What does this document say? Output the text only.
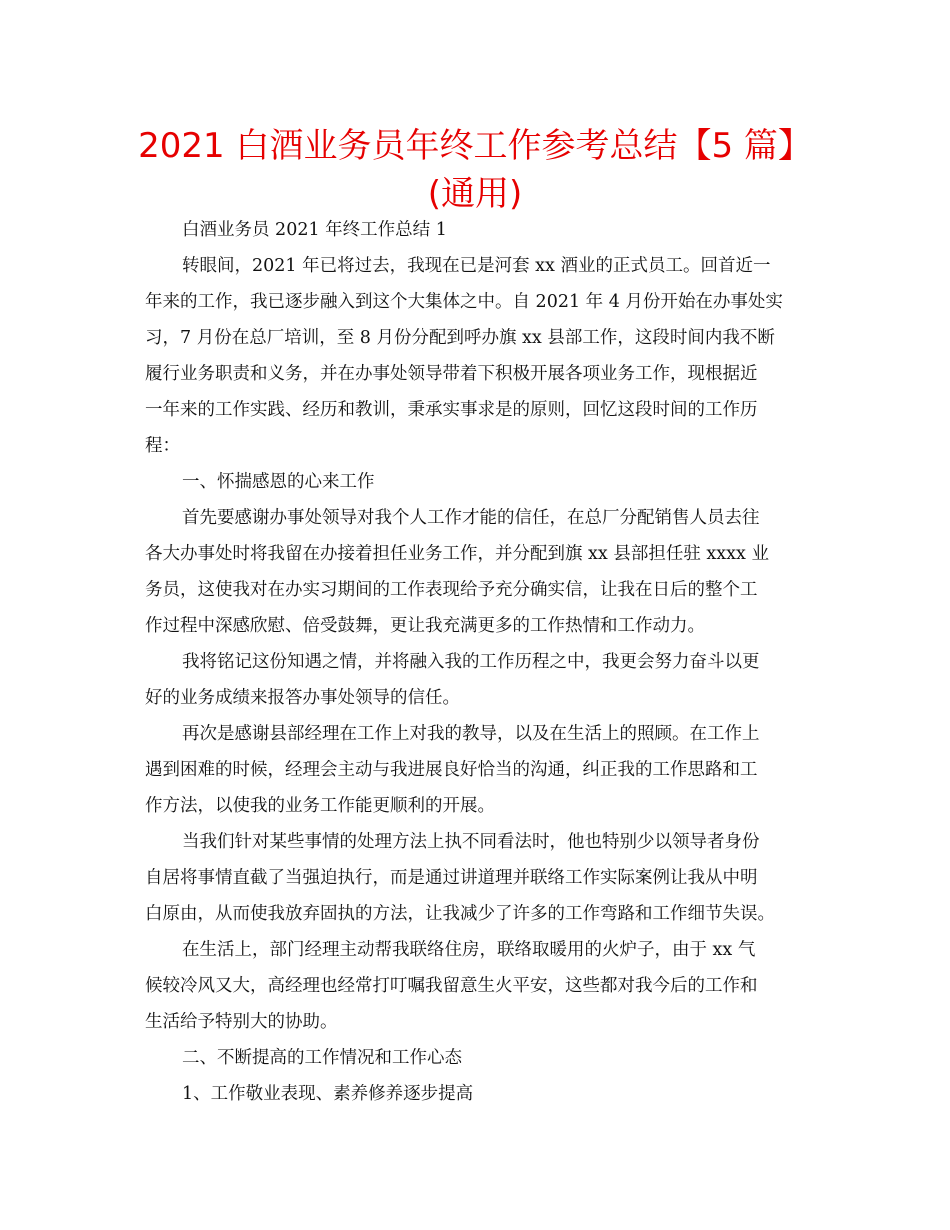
2021 白酒业务员年终工作参考总结【5 篇】
(通用)
白酒业务员 2021 年终工作总结 1
转眼间，2021 年已将过去，我现在已是河套 xx 酒业的正式员工。回首近一
年来的工作，我已逐步融入到这个大集体之中。自 2021 年 4 月份开始在办事处实
习，7 月份在总厂培训，至 8 月份分配到呼办旗 xx 县部工作，这段时间内我不断
履行业务职责和义务，并在办事处领导带着下积极开展各项业务工作，现根据近
一年来的工作实践、经历和教训，秉承实事求是的原则，回忆这段时间的工作历
程：
一、怀揣感恩的心来工作
首先要感谢办事处领导对我个人工作才能的信任，在总厂分配销售人员去往
各大办事处时将我留在办接着担任业务工作，并分配到旗 xx 县部担任驻 xxxx 业
务员，这使我对在办实习期间的工作表现给予充分确实信，让我在日后的整个工
作过程中深感欣慰、倍受鼓舞，更让我充满更多的工作热情和工作动力。
我将铭记这份知遇之情，并将融入我的工作历程之中，我更会努力奋斗以更
好的业务成绩来报答办事处领导的信任。
再次是感谢县部经理在工作上对我的教导，以及在生活上的照顾。在工作上
遇到困难的时候，经理会主动与我进展良好恰当的沟通，纠正我的工作思路和工
作方法，以使我的业务工作能更顺利的开展。
当我们针对某些事情的处理方法上执不同看法时，他也特别少以领导者身份
自居将事情直截了当强迫执行，而是通过讲道理并联络工作实际案例让我从中明
白原由，从而使我放弃固执的方法，让我减少了许多的工作弯路和工作细节失误。
在生活上，部门经理主动帮我联络住房，联络取暖用的火炉子，由于 xx 气
候较冷风又大，高经理也经常打叮嘱我留意生火平安，这些都对我今后的工作和
生活给予特别大的协助。
二、不断提高的工作情况和工作心态
1、工作敬业表现、素养修养逐步提高
